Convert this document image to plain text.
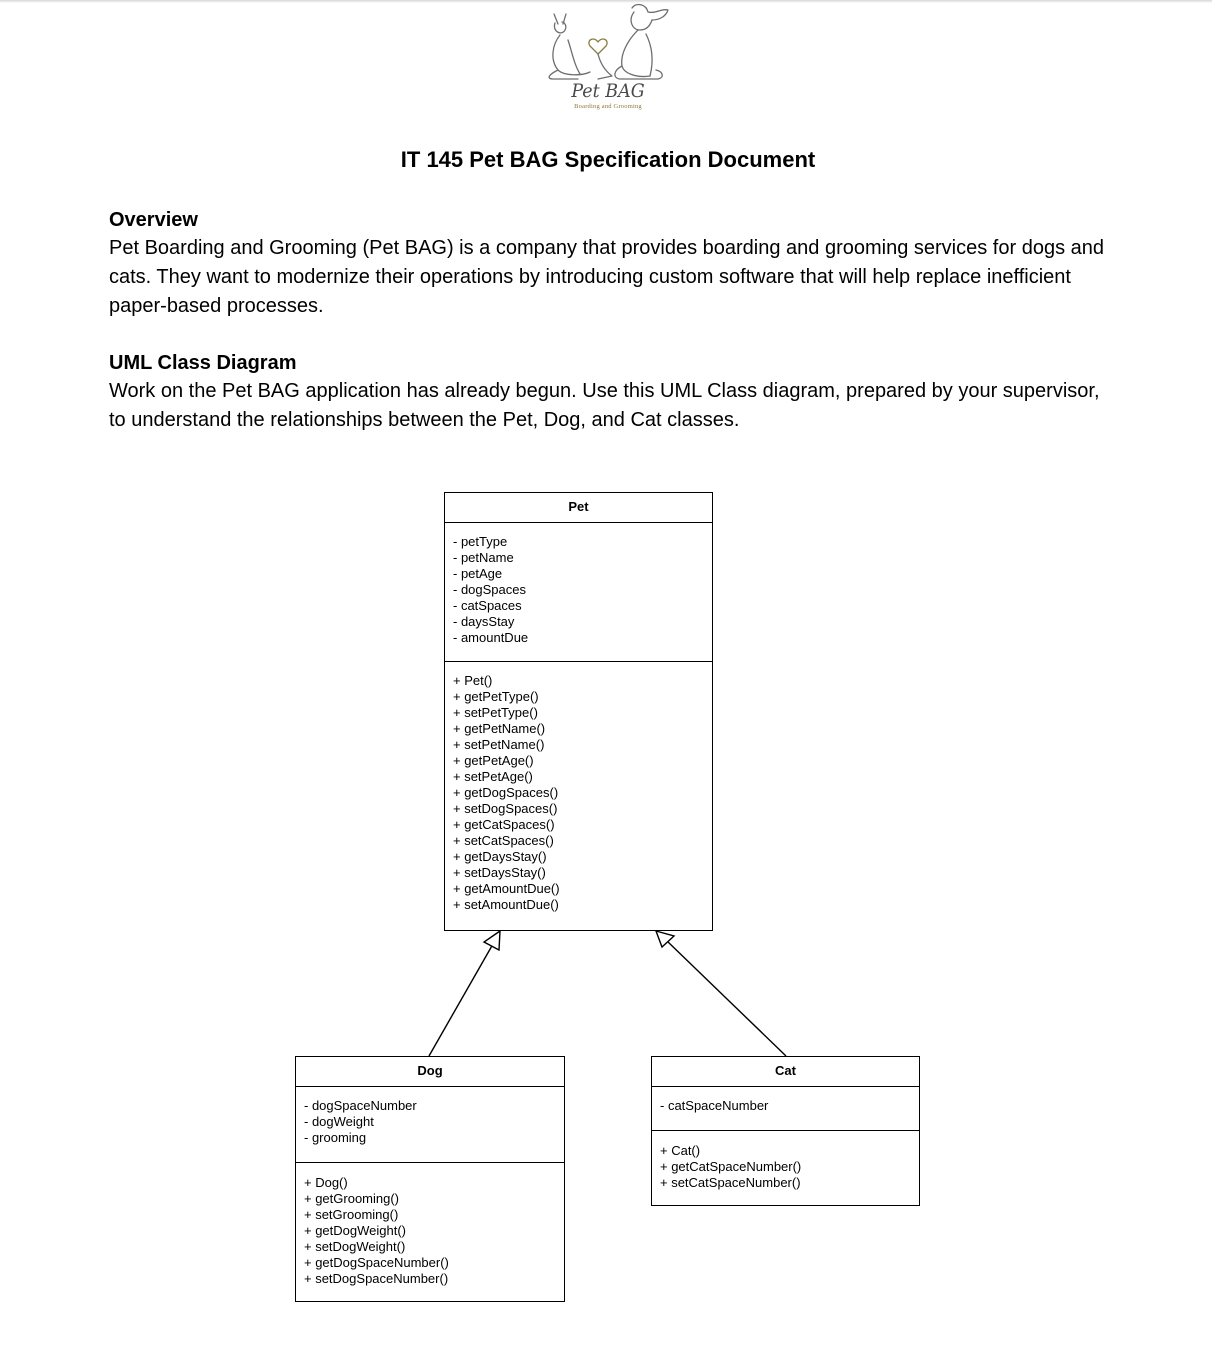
Pet BAG
Boarding and Grooming
IT 145 Pet BAG Specification Document
Overview

Pet Boarding and Grooming (Pet BAG) is a company that provides boarding and grooming services for dogs and cats. They want to modernize their operations by introducing custom software that will help replace inefficient paper-based processes.

UML Class Diagram

Work on the Pet BAG application has already begun. Use this UML Class diagram, prepared by your supervisor, to understand the relationships between the Pet, Dog, and Cat classes.

Pet
- petType
- petName
- petAge
- dogSpaces
- catSpaces
- daysStay
- amountDue
+ Pet()
+ getPetType()
+ setPetType()
+ getPetName()
+ setPetName()
+ getPetAge()
+ setPetAge()
+ getDogSpaces()
+ setDogSpaces()
+ getCatSpaces()
+ setCatSpaces()
+ getDaysStay()
+ setDaysStay()
+ getAmountDue()
+ setAmountDue()
Dog
- dogSpaceNumber
- dogWeight
- grooming
+ Dog()
+ getGrooming()
+ setGrooming()
+ getDogWeight()
+ setDogWeight()
+ getDogSpaceNumber()
+ setDogSpaceNumber()
Cat
- catSpaceNumber
+ Cat()
+ getCatSpaceNumber()
+ setCatSpaceNumber()
